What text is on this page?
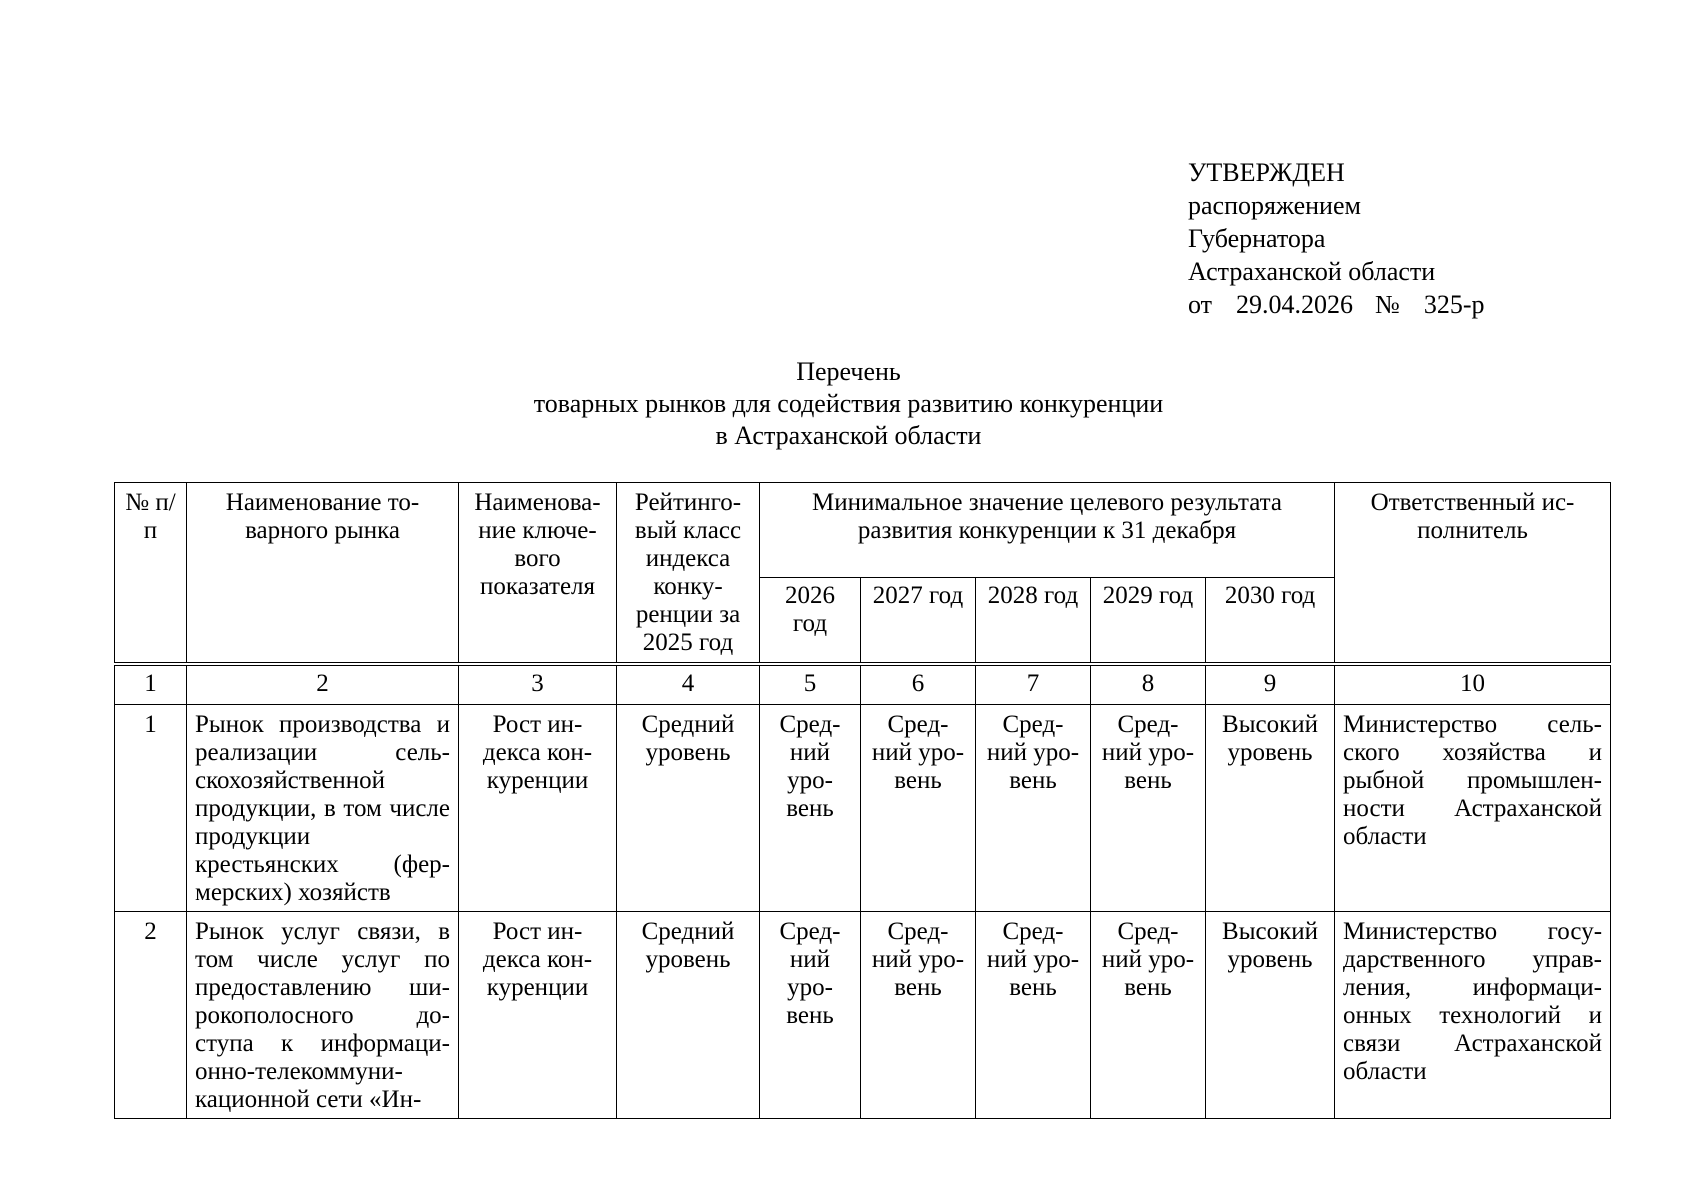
УТВЕРЖДЕН
распоряжением
Губернатора
Астраханской области
от 29.04.2026 № 325-р
Перечень
товарных рынков для содействия развитию конкуренции
в Астраханской области
№ п/п	Наименование то-варного рынка	Наименова-ние ключе-вого показателя	Рейтинго-вый класс индекса конку-ренции за 2025 год	Минимальное значение целевого результата развития конкуренции к 31 декабря					Ответственный ис-полнитель
				2026 год	2027 год	2028 год	2029 год	2030 год	
1	2	3	4	5	6	7	8	9	10
1	Рынок производства и реализации сель-скохозяйственной продукции, в том числе продукции крестьянских (фер-мерских) хозяйств	Рост ин-декса кон-куренции	Средний уровень	Сред-ний уро-вень	Сред-ний уро-вень	Сред-ний уро-вень	Сред-ний уро-вень	Высокий уровень	Министерство сель-ского хозяйства и рыбной промышлен-ности Астраханской области
2	Рынок услуг связи, в том числе услуг по предоставлению ши-рокополосного до-ступа к информаци-онно-телекоммуни-кационной сети «Ин-	Рост ин-декса кон-куренции	Средний уровень	Сред-ний уро-вень	Сред-ний уро-вень	Сред-ний уро-вень	Сред-ний уро-вень	Высокий уровень	Министерство госу-дарственного управ-ления, информаци-онных технологий и связи Астраханской области
